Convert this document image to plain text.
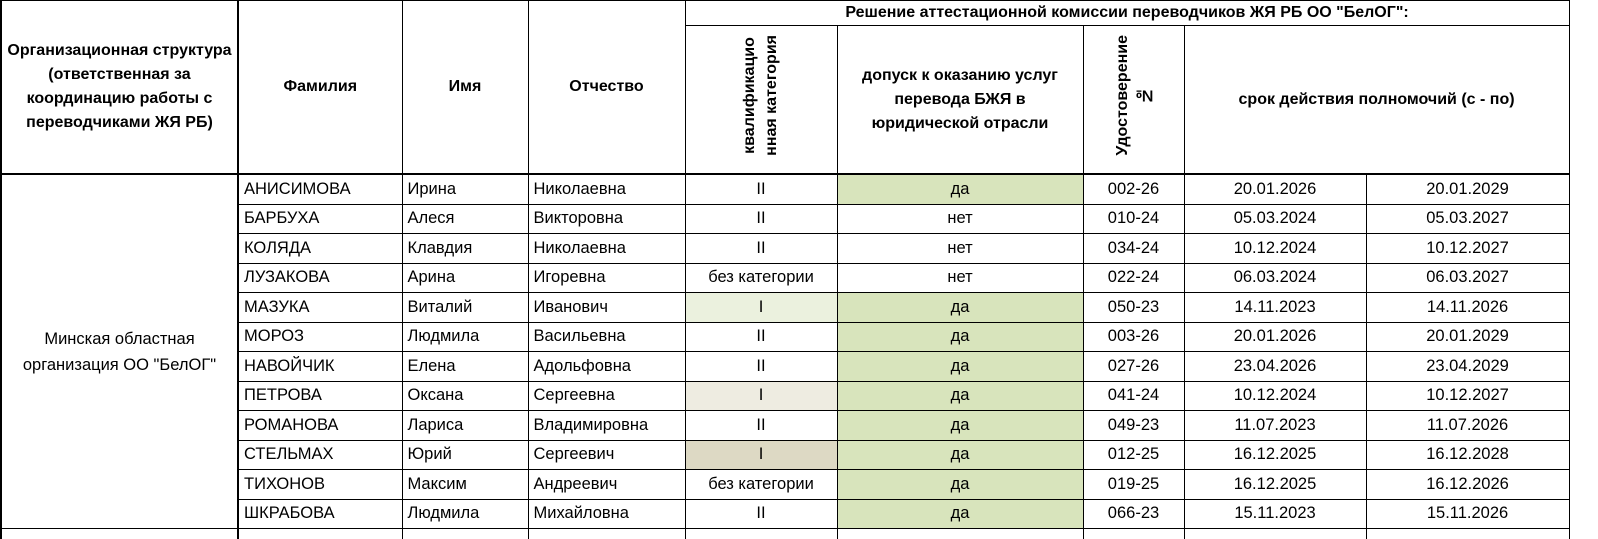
Организационная структура (ответственная за координацию работы с переводчиками ЖЯ РБ)	Фамилия	Имя	Отчество	Решение аттестационной комиссии переводчиков ЖЯ РБ ОО "БелОГ":				
				квалификацио нная категория	допуск к оказанию услуг перевода БЖЯ в юридической отрасли	Удостоверение №	срок действия полномочий (с - по)	
Минская областная организация ОО "БелОГ"	АНИСИМОВА	Ирина	Николаевна	II	да	002-26	20.01.2026	20.01.2029
	БАРБУХА	Алеся	Викторовна	II	нет	010-24	05.03.2024	05.03.2027
	КОЛЯДА	Клавдия	Николаевна	II	нет	034-24	10.12.2024	10.12.2027
	ЛУЗАКОВА	Арина	Игоревна	без категории	нет	022-24	06.03.2024	06.03.2027
	МАЗУКА	Виталий	Иванович	I	да	050-23	14.11.2023	14.11.2026
	МОРОЗ	Людмила	Васильевна	II	да	003-26	20.01.2026	20.01.2029
	НАВОЙЧИК	Елена	Адольфовна	II	да	027-26	23.04.2026	23.04.2029
	ПЕТРОВА	Оксана	Сергеевна	I	да	041-24	10.12.2024	10.12.2027
	РОМАНОВА	Лариса	Владимировна	II	да	049-23	11.07.2023	11.07.2026
	СТЕЛЬМАХ	Юрий	Сергеевич	I	да	012-25	16.12.2025	16.12.2028
	ТИХОНОВ	Максим	Андреевич	без категории	да	019-25	16.12.2025	16.12.2026
	ШКРАБОВА	Людмила	Михайловна	II	да	066-23	15.11.2023	15.11.2026
